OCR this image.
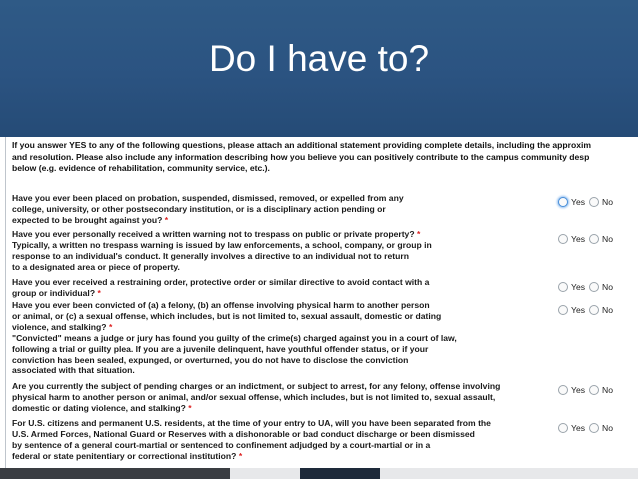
Do I have to?
If you answer YES to any of the following questions, please attach an additional statement providing complete details, including the approxim
and resolution. Please also include any information describing how you believe you can positively contribute to the campus community desp
below (e.g. evidence of rehabilitation, community service, etc.).
Have you ever been placed on probation, suspended, dismissed, removed, or expelled from any
college, university, or other postsecondary institution, or is a disciplinary action pending or
expected to be brought against you? *
Yes No
Have you ever personally received a written warning not to trespass on public or private property? *
Typically, a written no trespass warning is issued by law enforcements, a school, company, or group in
response to an individual's conduct. It generally involves a directive to an individual not to return
to a designated area or piece of property.
Yes No
Have you ever received a restraining order, protective order or similar directive to avoid contact with a
group or individual? *
Yes No
Have you ever been convicted of (a) a felony, (b) an offense involving physical harm to another person
or animal, or (c) a sexual offense, which includes, but is not limited to, sexual assault, domestic or dating
violence, and stalking? *
"Convicted" means a judge or jury has found you guilty of the crime(s) charged against you in a court of law,
following a trial or guilty plea. If you are a juvenile delinquent, have youthful offender status, or if your
conviction has been sealed, expunged, or overturned, you do not have to disclose the conviction
associated with that situation.
Yes No
Are you currently the subject of pending charges or an indictment, or subject to arrest, for any felony, offense involving
physical harm to another person or animal, and/or sexual offense, which includes, but is not limited to, sexual assault,
domestic or dating violence, and stalking? *
Yes No
For U.S. citizens and permanent U.S. residents, at the time of your entry to UA, will you have been separated from the
U.S. Armed Forces, National Guard or Reserves with a dishonorable or bad conduct discharge or been dismissed
by sentence of a general court-martial or sentenced to confinement adjudged by a court-martial or in a
federal or state penitentiary or correctional institution? *
Yes No
